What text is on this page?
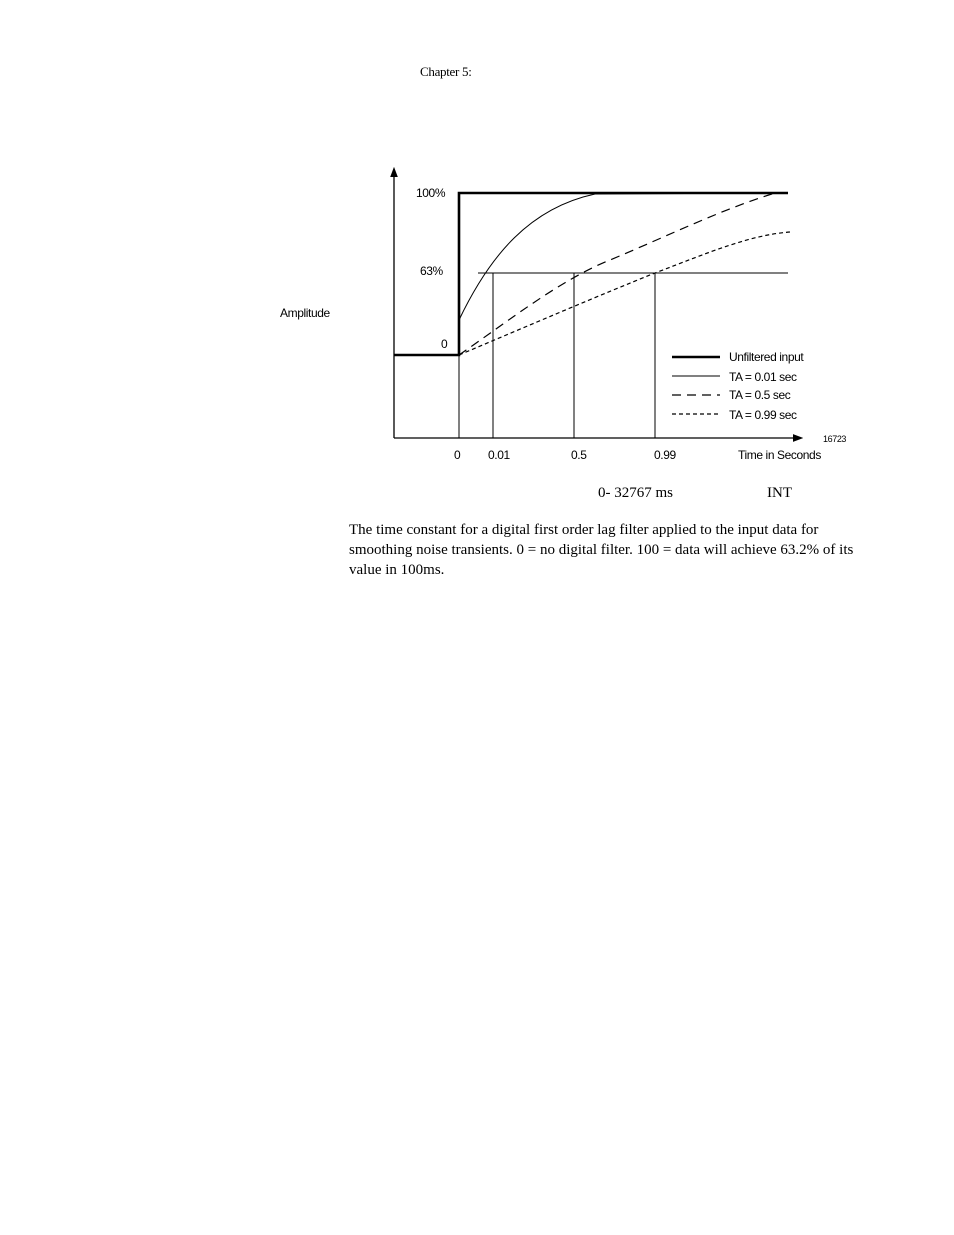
Chapter 5:
100%
63%
0
Amplitude
0 0.01	0.5	0.99	Time in Seconds
16723
Unfiltered input
TA = 0.01 sec
TA = 0.5 sec
TA = 0.99 sec
0- 32767 ms	INT
The time constant for a digital first order lag filter applied to the input data for smoothing noise transients. 0 = no digital filter. 100 = data will achieve 63.2% of its value in 100ms.
